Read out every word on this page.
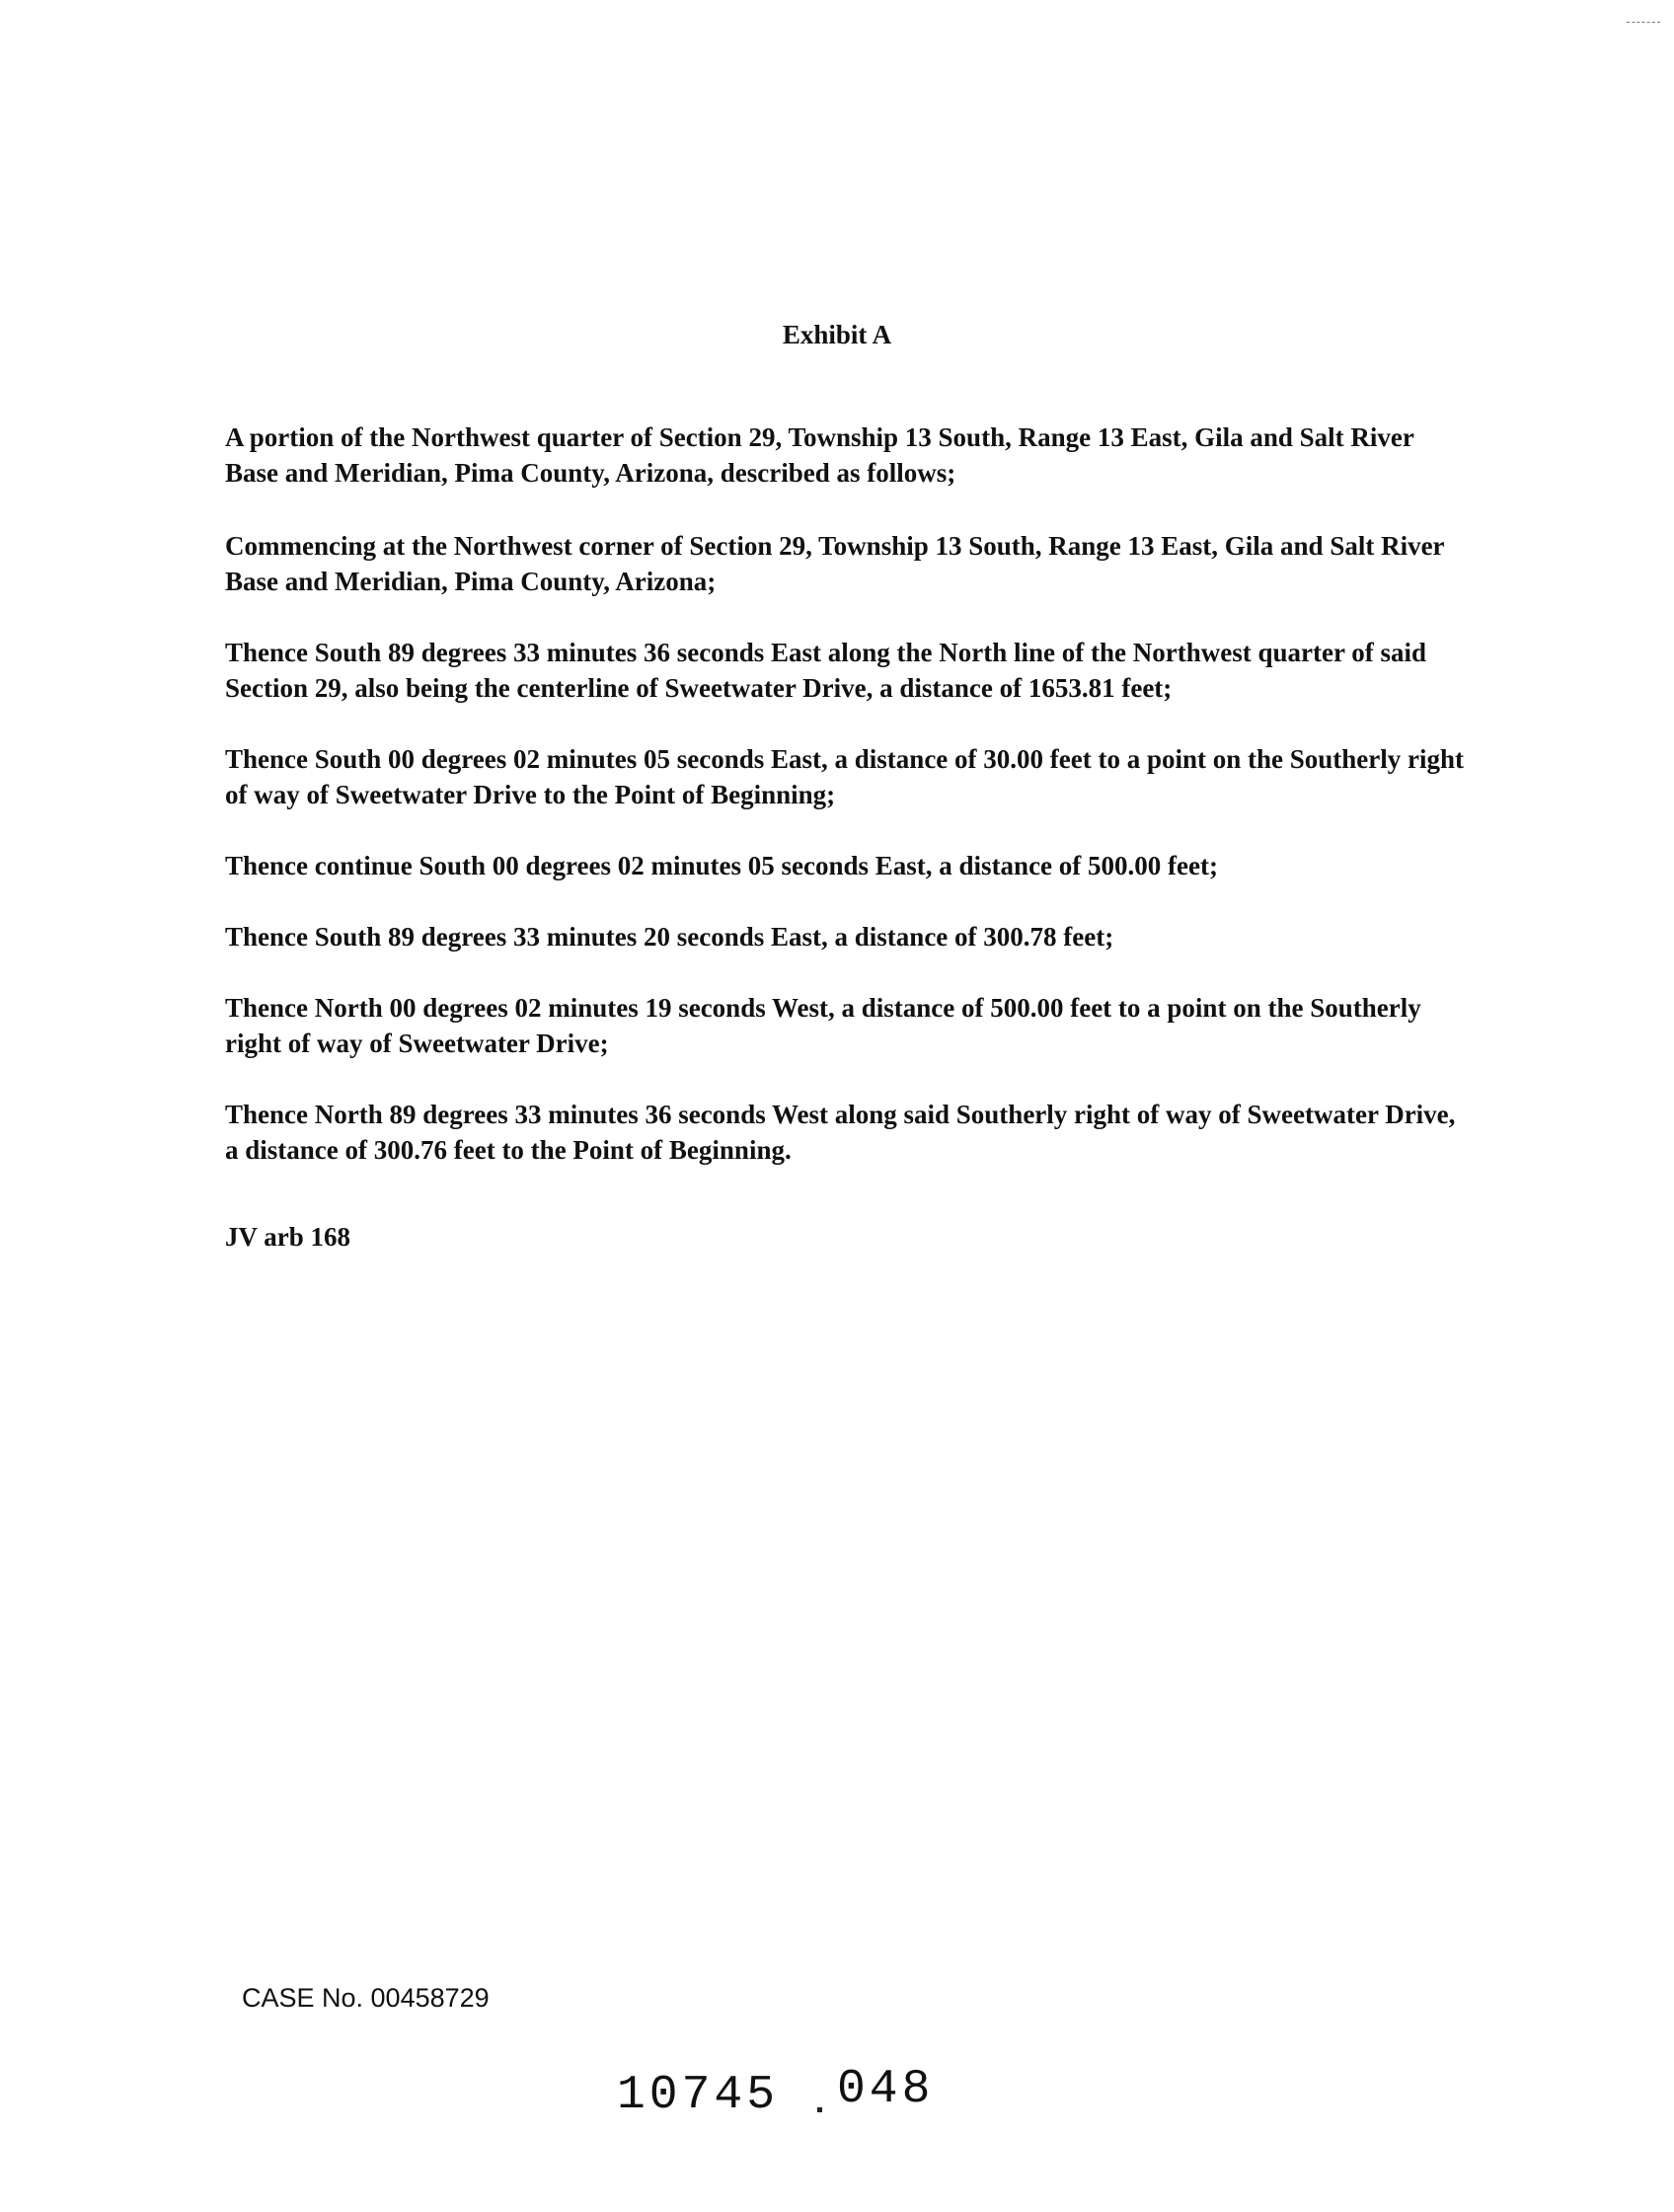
Exhibit A

A portion of the Northwest quarter of Section 29, Township 13 South, Range 13 East, Gila and Salt River Base and Meridian, Pima County, Arizona, described as follows;

Commencing at the Northwest corner of Section 29, Township 13 South, Range 13 East, Gila and Salt River Base and Meridian, Pima County, Arizona;

Thence South 89 degrees 33 minutes 36 seconds East along the North line of the Northwest quarter of said Section 29, also being the centerline of Sweetwater Drive, a distance of 1653.81 feet;

Thence South 00 degrees 02 minutes 05 seconds East, a distance of 30.00 feet to a point on the Southerly right of way of Sweetwater Drive to the Point of Beginning;

Thence continue South 00 degrees 02 minutes 05 seconds East, a distance of 500.00 feet;

Thence South 89 degrees 33 minutes 20 seconds East, a distance of 300.78 feet;

Thence North 00 degrees 02 minutes 19 seconds West, a distance of 500.00 feet to a point on the Southerly right of way of Sweetwater Drive;

Thence North 89 degrees 33 minutes 36 seconds West along said Southerly right of way of Sweetwater Drive, a distance of 300.76 feet to the Point of Beginning.

JV arb 168

CASE No. 00458729
10745 048
